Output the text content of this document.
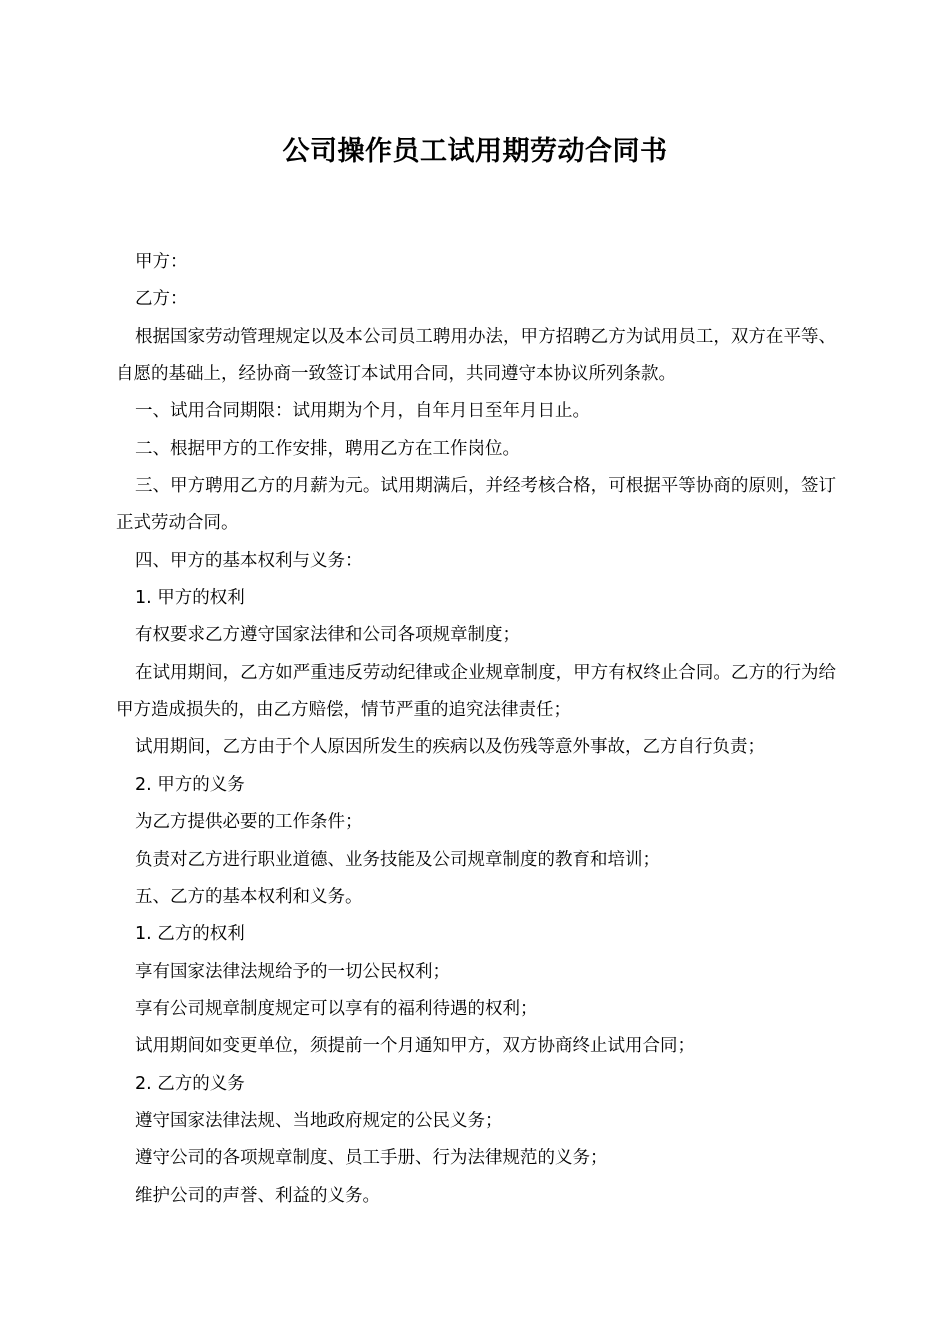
公司操作员工试用期劳动合同书

甲方：

乙方：

根据国家劳动管理规定以及本公司员工聘用办法，甲方招聘乙方为试用员工，双方在平等、自愿的基础上，经协商一致签订本试用合同，共同遵守本协议所列条款。

一、试用合同期限：试用期为个月，自年月日至年月日止。

二、根据甲方的工作安排，聘用乙方在工作岗位。

三、甲方聘用乙方的月薪为元。试用期满后，并经考核合格，可根据平等协商的原则，签订正式劳动合同。

四、甲方的基本权利与义务：

1. 甲方的权利

有权要求乙方遵守国家法律和公司各项规章制度；

在试用期间，乙方如严重违反劳动纪律或企业规章制度，甲方有权终止合同。乙方的行为给甲方造成损失的，由乙方赔偿，情节严重的追究法律责任；

试用期间，乙方由于个人原因所发生的疾病以及伤残等意外事故，乙方自行负责；

2. 甲方的义务

为乙方提供必要的工作条件；

负责对乙方进行职业道德、业务技能及公司规章制度的教育和培训；

五、乙方的基本权利和义务。

1. 乙方的权利

享有国家法律法规给予的一切公民权利；

享有公司规章制度规定可以享有的福利待遇的权利；

试用期间如变更单位，须提前一个月通知甲方，双方协商终止试用合同；

2. 乙方的义务

遵守国家法律法规、当地政府规定的公民义务；

遵守公司的各项规章制度、员工手册、行为法律规范的义务；

维护公司的声誉、利益的义务。
